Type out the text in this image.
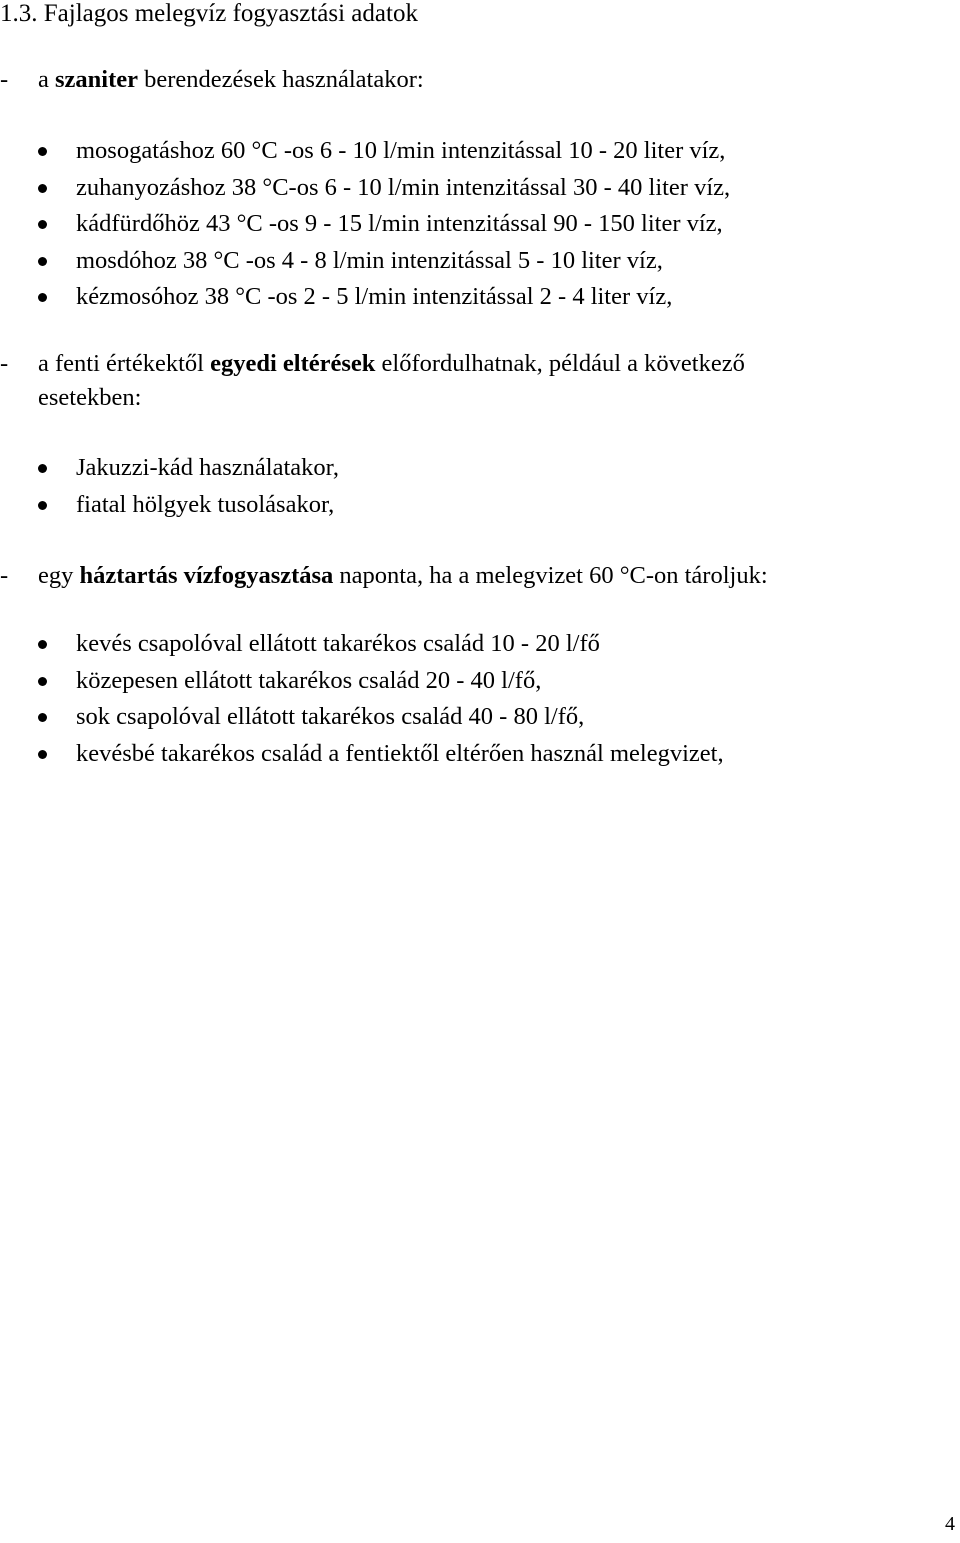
1.3. Fajlagos melegvíz fogyasztási adatok
- a szaniter berendezések használatakor:
mosogatáshoz 60 °C -os 6 - 10 l/min intenzitással 10 - 20 liter víz,
zuhanyozáshoz 38 °C-os 6 - 10 l/min intenzitással 30 - 40 liter víz,
kádfürdőhöz 43 °C -os 9 - 15 l/min intenzitással 90 - 150 liter víz,
mosdóhoz 38 °C -os 4 - 8 l/min intenzitással 5 - 10 liter víz,
kézmosóhoz 38 °C -os 2 - 5 l/min intenzitással 2 - 4 liter víz,
- a fenti értékektől egyedi eltérések előfordulhatnak, például a következő
esetekben:
Jakuzzi-kád használatakor,
fiatal hölgyek tusolásakor,
- egy háztartás vízfogyasztása naponta, ha a melegvizet 60 °C-on tároljuk:
kevés csapolóval ellátott takarékos család 10 - 20 l/fő
közepesen ellátott takarékos család 20 - 40 l/fő,
sok csapolóval ellátott takarékos család 40 - 80 l/fő,
kevésbé takarékos család a fentiektől eltérően használ melegvizet,
4
